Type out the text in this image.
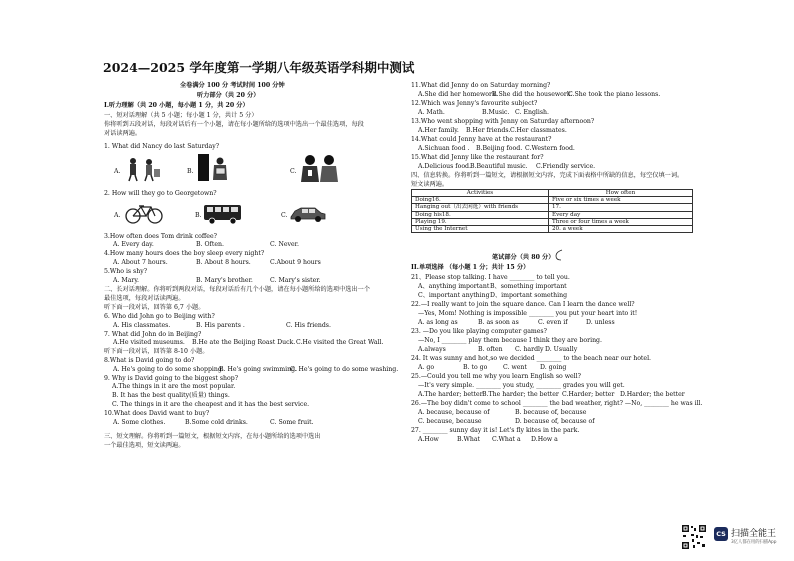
2024—2025 学年度第一学期八年级英语学科期中测试
全卷满分 100 分 考试时间 100 分钟
听力部分（共 20 分）
I.听力理解（共 20 小题，每小题 1 分，共 20 分）
一、短对话理解（共 5 小题；每小题 1 分，共计 5 分）
你将听到五段对话，每段对话后有一个小题，请在每小题所给的选项中选出一个最佳选项，每段
对话读两遍。
1. What did Nancy do last Saturday?
A.	B.	C.
2. How will they go to Georgetown?
A.	B.	C.
3.How often does Tom drink coffee?
A. Every day.	B. Often.	C. Never.
4.How many hours does the boy sleep every night?
A. About 7 hours.	B. About 8 hours.	C.About 9 hours
5.Who is shy?
A. Mary.	B. Mary's brother.	C. Mary's sister.
二、长对话理解。你将听到两段对话，每段对话后有几个小题，请在每小题所给的选项中选出一个
最佳选项，每段对话读两遍。
听下面一段对话，回答第 6,7 小题。
6. Who did John go to Beijing with?
A. His classmates.	B. His parents .	C. His friends.
7. What did John do in Beijing?
A.He visited museums. B.He ate the Beijing Roast Duck. C.He visited the Great Wall.
听下面一段对话，回答第 8-10 小题。
8.What is David going to do?
A. He's going to do some shopping.
B. He's going swimming.
C. He's going to do some washing.
9. Why is David going to the biggest shop?
A.The things in it are the most popular.
B. It has the best quality(质量) things.
C. The things in it are the cheapest and it has the best service.
10.What does David want to buy?
A. Some clothes.	B.Some cold drinks.	C. Some fruit.
三、短文理解。你将听到一篇短文，根据短文内容，在每小题所给的选项中选出
一个最佳选项，短文读两遍。
11.What did Jenny do on Saturday morning?
A.She did her homework.
B.She did the housework.
C.She took the piano lessons.
12.Which was Jenny's favourite subject?
A. Math.	B.Music. C. English.
13.Who went shopping with Jenny on Saturday afternoon?
A.Her family. B.Her friends. C.Her classmates.
14.What could Jenny have at the restaurant?
A.Sichuan food . B.Beijing food. C.Western food.
15.What did Jenny like the restaurant for?
A.Delicious food. B.Beautiful music. C.Friendly service.
四、信息转换。你将听到一篇短文，请根据短文内容，完成下面表格中所缺的信息，每空仅填一词。
短文读两遍。
Activities	How often
Doing16.	Five or six times a week
Hanging out（出去闲逛）with friends	17.
Doing his18.	Every day
Playing 19.	Three or four times a week
Using the Internet	20. a week
笔试部分（共 80 分）
II.单项选择 （每小题 1 分；共计 15 分）
21、Please stop talking. I have ________ to tell you.
A、anything important B、something important
C、important anything D、important something
22.—I really want to join the square dance. Can I learn the dance well?
—Yes, Mom! Nothing is impossible ________ you put your heart into it!
A. as long as	B. as soon as	C. even if	D. unless
23. —Do you like playing computer games?
—No, I ________ play them because I think they are boring.
A.always	B. often C. hardly D. Usually
24. It was sunny and hot,so we decided ________ to the beach near our hotel.
A. go	B. to go	C. went D. going
25.—Could you tell me why you learn English so well?
—It's very simple. ________ you study, ________ grades you will get.
A.The harder; better B.The harder; the better C.Harder; better D.Harder; the better
26.—The boy didn't come to school ________ the bad weather, right? —No, ________ he was ill.
A. because, because of	B. because of, because
C. because, because	D. because of, because of
27. ________ sunny day it is! Let's fly kites in the park.
A.How	B.What C.What a D.How a
CS 扫描全能王
3亿人都在用的扫描App
